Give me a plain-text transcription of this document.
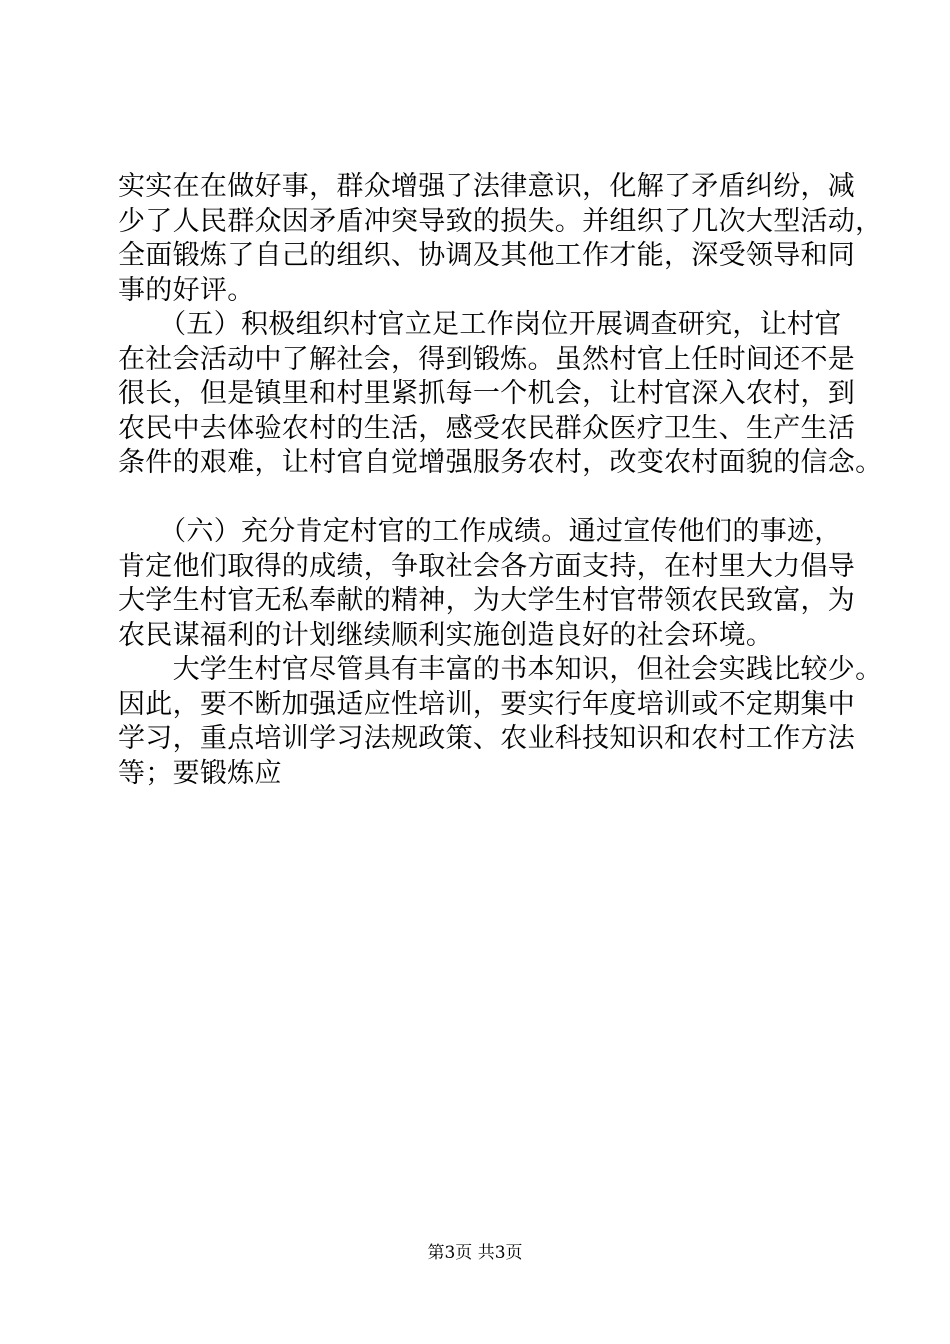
实实在在做好事，群众增强了法律意识，化解了矛盾纠纷，减
少了人民群众因矛盾冲突导致的损失。并组织了几次大型活动，
全面锻炼了自己的组织、协调及其他工作才能，深受领导和同
事的好评。
　　（五）积极组织村官立足工作岗位开展调查研究，让村官
在社会活动中了解社会，得到锻炼。虽然村官上任时间还不是
很长，但是镇里和村里紧抓每一个机会，让村官深入农村，到
农民中去体验农村的生活，感受农民群众医疗卫生、生产生活
条件的艰难，让村官自觉增强服务农村，改变农村面貌的信念。
　　（六）充分肯定村官的工作成绩。通过宣传他们的事迹，
肯定他们取得的成绩，争取社会各方面支持，在村里大力倡导
大学生村官无私奉献的精神，为大学生村官带领农民致富，为
农民谋福利的计划继续顺利实施创造良好的社会环境。
　　大学生村官尽管具有丰富的书本知识，但社会实践比较少。
因此，要不断加强适应性培训，要实行年度培训或不定期集中
学习，重点培训学习法规政策、农业科技知识和农村工作方法
等；要锻炼应
第3页 共3页
